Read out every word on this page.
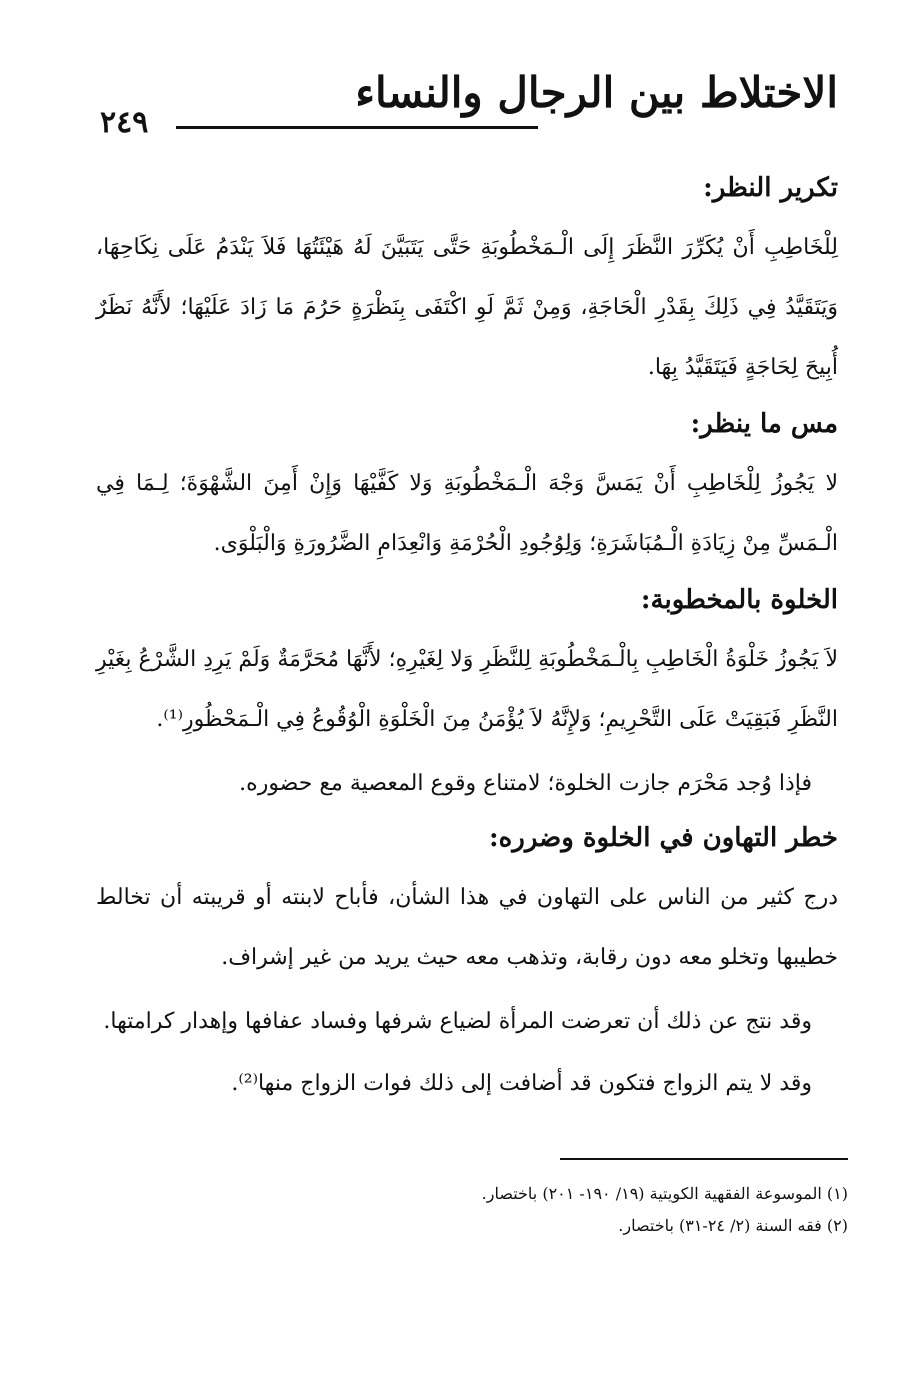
الاختلاط بين الرجال والنساء
٢٤٩
تكرير النظر:

لِلْخَاطِبِ أَنْ يُكَرِّرَ النَّظَرَ إِلَى الْـمَخْطُوبَةِ حَتَّى يَتَبَيَّنَ لَهُ هَيْئَتُهَا فَلاَ يَنْدَمُ عَلَى نِكَاحِهَا، وَيَتَقَيَّدُ فِي ذَلِكَ بِقَدْرِ الْحَاجَةِ، وَمِنْ ثَمَّ لَوِ اكْتَفَى بِنَظْرَةٍ حَرُمَ مَا زَادَ عَلَيْهَا؛ لأَنَّهُ نَظَرٌ أُبِيحَ لِحَاجَةٍ فَيَتَقَيَّدُ بِهَا.

مس ما ينظر:

لا يَجُوزُ لِلْخَاطِبِ أَنْ يَمَسَّ وَجْهَ الْـمَخْطُوبَةِ وَلا كَفَّيْهَا وَإِنْ أَمِنَ الشَّهْوَةَ؛ لِـمَا فِي الْـمَسِّ مِنْ زِيَادَةِ الْـمُبَاشَرَةِ؛ وَلِوُجُودِ الْحُرْمَةِ وَانْعِدَامِ الضَّرُورَةِ وَالْبَلْوَى.

الخلوة بالمخطوبة:

لاَ يَجُوزُ خَلْوَةُ الْخَاطِبِ بِالْـمَخْطُوبَةِ لِلنَّظَرِ وَلا لِغَيْرِهِ؛ لأَنَّهَا مُحَرَّمَةٌ وَلَمْ يَرِدِ الشَّرْعُ بِغَيْرِ النَّظَرِ فَبَقِيَتْ عَلَى التَّحْرِيمِ؛ وَلإِنَّهُ لاَ يُؤْمَنُ مِنَ الْخَلْوَةِ الْوُقُوعُ فِي الْـمَحْظُورِ⁽¹⁾.

فإذا وُجد مَحْرَم جازت الخلوة؛ لامتناع وقوع المعصية مع حضوره.

خطر التهاون في الخلوة وضرره:

درج كثير من الناس على التهاون في هذا الشأن، فأباح لابنته أو قريبته أن تخالط خطيبها وتخلو معه دون رقابة، وتذهب معه حيث يريد من غير إشراف.

وقد نتج عن ذلك أن تعرضت المرأة لضياع شرفها وفساد عفافها وإهدار كرامتها.

وقد لا يتم الزواج فتكون قد أضافت إلى ذلك فوات الزواج منها⁽²⁾.

(١) الموسوعة الفقهية الكويتية (١٩/ ١٩٠- ٢٠١) باختصار.

(٢) فقه السنة (٢/ ٢٤-٣١) باختصار.
